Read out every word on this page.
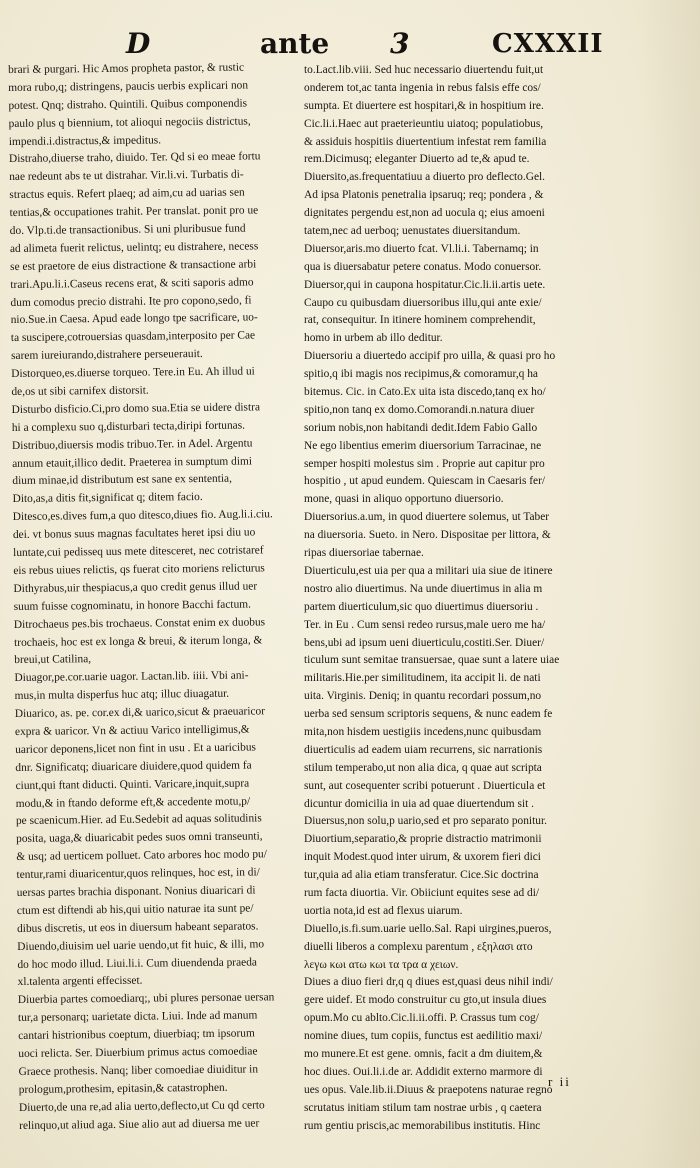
D	ante 3	CXXXII
brari & purgari. Hic Amos propheta pastor, & rustic
mora rubo,q; distringens, paucis uerbis explicari non
potest. Qnq; distraho. Quintili. Quibus componendis
paulo plus q biennium, tot alioqui negociis districtus,
impendi.i.distractus,& impeditus.
Distraho,diuerse traho, diuido. Ter. Qd si eo meae fortu
nae redeunt abs te ut distrahar. Vir.li.vi. Turbatis di-
stractus equis. Refert plaeq; ad aim,cu ad uarias sen
tentias,& occupationes trahit. Per translat. ponit pro ue
do. Vlp.ti.de transactionibus. Si uni pluribusue fund
ad alimeta fuerit relictus, uelintq; eu distrahere, necess
se est praetore de eius distractione & transactione arbi
trari.Apu.li.i.Caseus recens erat, & sciti saporis admo
dum comodus precio distrahi. Ite pro copono,sedo, fi
nio.Sue.in Caesa. Apud eade longo tpe sacrificare, uo-
ta suscipere,cotrouersias quasdam,interposito per Cae
sarem iureiurando,distrahere perseuerauit.
Distorqueo,es.diuerse torqueo. Tere.in Eu. Ah illud ui
de,os ut sibi carnifex distorsit.
Disturbo disficio.Ci,pro domo sua.Etia se uidere distra
hi a complexu suo q,disturbari tecta,diripi fortunas.
Distribuo,diuersis modis tribuo.Ter. in Adel. Argentu
annum etauit,illico dedit. Praeterea in sumptum dimi
dium minae,id distributum est sane ex sententia,
Dito,as,a ditis fit,significat q; ditem facio.
Ditesco,es.dives fum,a quo ditesco,diues fio. Aug.li.i.ciu.
dei. vt bonus suus magnas facultates heret ipsi diu uo
luntate,cui pedisseq uus mete ditesceret, nec cotristaref
eis rebus uiues relictis, qs fuerat cito moriens relicturus
Dithyrabus,uir thespiacus,a quo credit genus illud uer
suum fuisse cognominatu, in honore Bacchi factum.
Ditrochaeus pes.bis trochaeus. Constat enim ex duobus
trochaeis, hoc est ex longa & breui, & iterum longa, &
breui,ut Catilina,
Diuagor,pe.cor.uarie uagor. Lactan.lib. iiii. Vbi ani-
mus,in multa disperfus huc atq; illuc diuagatur.
Diuarico, as. pe. cor.ex di,& uarico,sicut & praeuaricor
expra & uaricor. Vn & actiuu Varico intelligimus,&
uaricor deponens,licet non fint in usu . Et a uaricibus
dnr. Significatq; diuaricare diuidere,quod quidem fa
ciunt,qui ftant diducti. Quinti. Varicare,inquit,supra
modu,& in ftando deforme eft,& accedente motu,p/
pe scaenicum.Hier. ad Eu.Sedebit ad aquas solitudinis
posita, uaga,& diuaricabit pedes suos omni transeunti,
& usq; ad uerticem polluet. Cato arbores hoc modo pu/
tentur,rami diuaricentur,quos relinques, hoc est, in di/
uersas partes brachia disponant. Nonius diuaricari di
ctum est diftendi ab his,qui uitio naturae ita sunt pe/
dibus discretis, ut eos in diuersum habeant separatos.
Diuendo,diuisim uel uarie uendo,ut fit huic, & illi, mo
do hoc modo illud. Liui.li.i. Cum diuendenda praeda
xl.talenta argenti effecisset.
Diuerbia partes comoediarq;, ubi plures personae uersan
tur,a personarq; uarietate dicta. Liui. Inde ad manum
cantari histrionibus coeptum, diuerbiaq; tm ipsorum
uoci relicta. Ser. Diuerbium primus actus comoediae
Graece prothesis. Nanq; liber comoediae diuiditur in
prologum,prothesim, epitasin,& catastrophen.
Diuerto,de una re,ad alia uerto,deflecto,ut Cu qd certo
relinquo,ut aliud aga. Siue alio aut ad diuersa me uer
to.Lact.lib.viii. Sed huc necessario diuertendu fuit,ut
onderem tot,ac tanta ingenia in rebus falsis effe cos/
sumpta. Et diuertere est hospitari,& in hospitium ire.
Cic.li.i.Haec aut praeterieuntiu uiatoq; populatiobus,
& assiduis hospitiis diuertentium infestat rem familia
rem.Dicimusq; eleganter Diuerto ad te,& apud te.
Diuersito,as.frequentatiuu a diuerto pro deflecto.Gel.
Ad ipsa Platonis penetralia ipsaruq; req; pondera , &
dignitates pergendu est,non ad uocula q; eius amoeni
tatem,nec ad uerboq; uenustates diuersitandum.
Diuersor,aris.mo diuerto fcat. Vl.li.i. Tabernamq; in
qua is diuersabatur petere conatus. Modo conuersor.
Diuersor,qui in caupona hospitatur.Cic.li.ii.artis uete.
Caupo cu quibusdam diuersoribus illu,qui ante exie/
rat, consequitur. In itinere hominem comprehendit,
homo in urbem ab illo deditur.
Diuersoriu a diuertedo accipif pro uilla, & quasi pro ho
spitio,q ibi magis nos recipimus,& comoramur,q ha
bitemus. Cic. in Cato.Ex uita ista discedo,tanq ex ho/
spitio,non tanq ex domo.Comorandi.n.natura diuer
sorium nobis,non habitandi dedit.Idem Fabio Gallo
Ne ego libentius emerim diuersorium Tarracinae, ne
semper hospiti molestus sim . Proprie aut capitur pro
hospitio , ut apud eundem. Quiescam in Caesaris fer/
mone, quasi in aliquo opportuno diuersorio.
Diuersorius.a.um, in quod diuertere solemus, ut Taber
na diuersoria. Sueto. in Nero. Dispositae per littora, &
ripas diuersoriae tabernae.
Diuerticulu,est uia per qua a militari uia siue de itinere
nostro alio diuertimus. Na unde diuertimus in alia m
partem diuerticulum,sic quo diuertimus diuersoriu .
Ter. in Eu . Cum sensi redeo rursus,male uero me ha/
bens,ubi ad ipsum ueni diuerticulu,costiti.Ser. Diuer/
ticulum sunt semitae transuersae, quae sunt a latere uiae
militaris.Hie.per similitudinem, ita accipit li. de nati
uita. Virginis. Deniq; in quantu recordari possum,no
uerba sed sensum scriptoris sequens, & nunc eadem fe
mita,non hisdem uestigiis incedens,nunc quibusdam
diuerticulis ad eadem uiam recurrens, sic narrationis
stilum temperabo,ut non alia dica, q quae aut scripta
sunt, aut cosequenter scribi potuerunt . Diuerticula et
dicuntur domicilia in uia ad quae diuertendum sit .
Diuersus,non solu,p uario,sed et pro separato ponitur.
Diuortium,separatio,& proprie distractio matrimonii
inquit Modest.quod inter uirum, & uxorem fieri dici
tur,quia ad alia etiam transferatur. Cice.Sic doctrina
rum facta diuortia. Vir. Obiiciunt equites sese ad di/
uortia nota,id est ad flexus uiarum.
Diuello,is.fi.sum.uarie uello.Sal. Rapi uirgines,pueros,
diuelli liberos a complexu parentum , εξηλασι ατο
λεγω κωι ατω κωι τα τρα α χειων.
Diues a diuo fieri dr,q q diues est,quasi deus nihil indi/
gere uidef. Et modo construitur cu gto,ut insula diues
opum.Mo cu ablto.Cic.li.ii.offi. P. Crassus tum cog/
nomine diues, tum copiis, functus est aedilitio maxi/
mo munere.Et est gene. omnis, facit a dm diuitem,&
hoc diues. Oui.li.i.de ar. Addidit externo marmore di
ues opus. Vale.lib.ii.Diuus & praepotens naturae regno
scrutatus initiam stilum tam nostrae urbis , q caetera
rum gentiu priscis,ac memorabilibus institutis. Hinc
r ii
